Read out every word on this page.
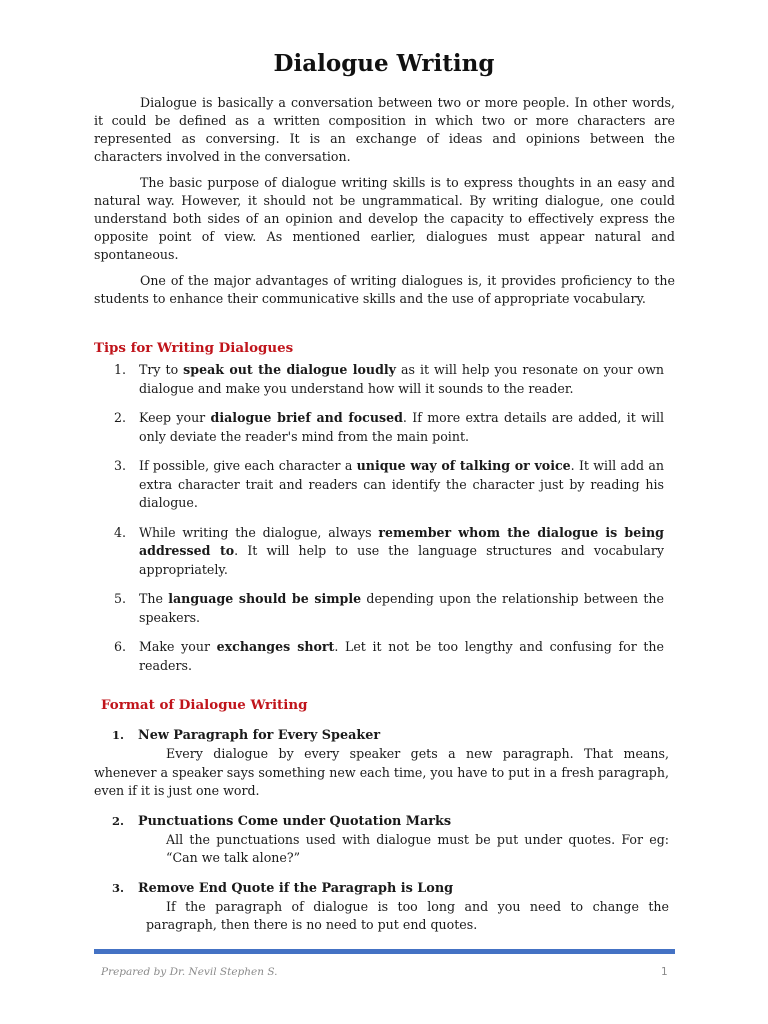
Dialogue Writing

Dialogue is basically a conversation between two or more people. In other words, it could be defined as a written composition in which two or more characters are represented as conversing. It is an exchange of ideas and opinions between the characters involved in the conversation.

The basic purpose of dialogue writing skills is to express thoughts in an easy and natural way. However, it should not be ungrammatical. By writing dialogue, one could understand both sides of an opinion and develop the capacity to effectively express the opposite point of view. As mentioned earlier, dialogues must appear natural and spontaneous.

One of the major advantages of writing dialogues is, it provides proficiency to the students to enhance their communicative skills and the use of appropriate vocabulary.

Tips for Writing Dialogues
1. Try to speak out the dialogue loudly as it will help you resonate on your own dialogue and make you understand how will it sounds to the reader.
2. Keep your dialogue brief and focused. If more extra details are added, it will only deviate the reader's mind from the main point.
3. If possible, give each character a unique way of talking or voice. It will add an extra character trait and readers can identify the character just by reading his dialogue.
4. While writing the dialogue, always remember whom the dialogue is being addressed to. It will help to use the language structures and vocabulary appropriately.
5. The language should be simple depending upon the relationship between the speakers.
6. Make your exchanges short. Let it not be too lengthy and confusing for the readers.
Format of Dialogue Writing
1.	New Paragraph for Every Speaker
Every dialogue by every speaker gets a new paragraph. That means, whenever a speaker says something new each time, you have to put in a fresh paragraph, even if it is just one word.
2.	Punctuations Come under Quotation Marks
All the punctuations used with dialogue must be put under quotes. For eg: “Can we talk alone?”
3.	Remove End Quote if the Paragraph is Long
If the paragraph of dialogue is too long and you need to change the paragraph, then there is no need to put end quotes.
Prepared by Dr. Nevil Stephen S.	1
